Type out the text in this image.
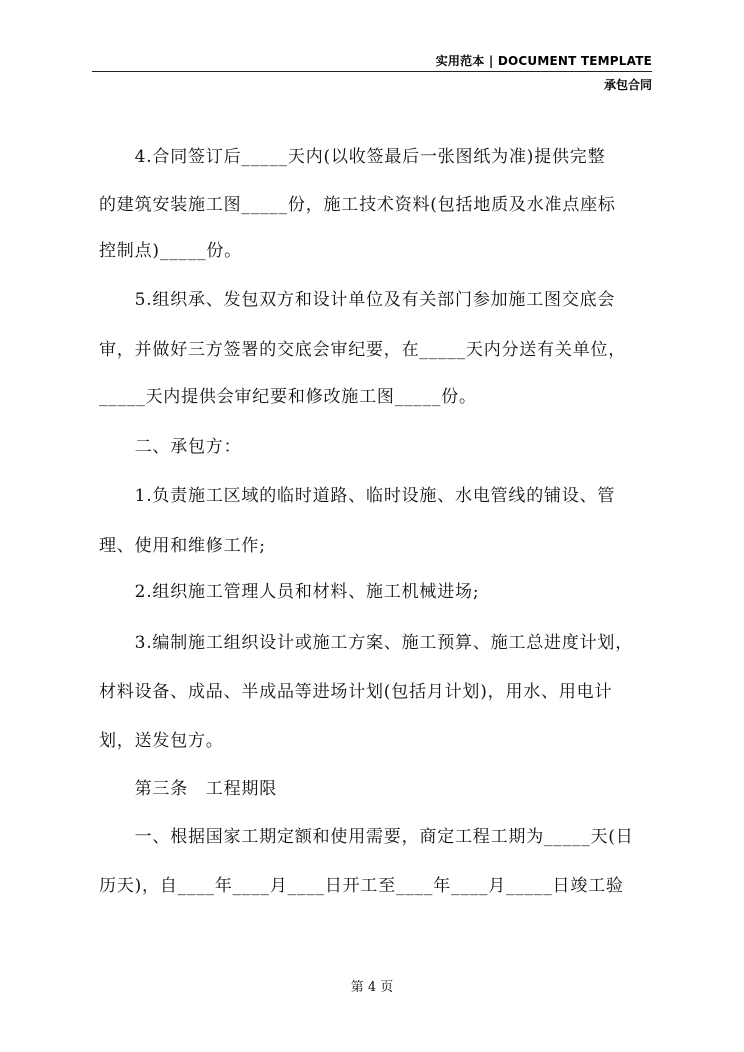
实用范本 | DOCUMENT TEMPLATE
承包合同
　　4.合同签订后_____天内(以收签最后一张图纸为准)提供完整
的建筑安装施工图_____份，施工技术资料(包括地质及水准点座标
控制点)_____份。
　　5.组织承、发包双方和设计单位及有关部门参加施工图交底会
审，并做好三方签署的交底会审纪要，在_____天内分送有关单位，
_____天内提供会审纪要和修改施工图_____份。
　　二、承包方：
　　1.负责施工区域的临时道路、临时设施、水电管线的铺设、管
理、使用和维修工作;
　　2.组织施工管理人员和材料、施工机械进场;
　　3.编制施工组织设计或施工方案、施工预算、施工总进度计划，
材料设备、成品、半成品等进场计划(包括月计划)，用水、用电计
划，送发包方。
　　第三条　工程期限
　　一、根据国家工期定额和使用需要，商定工程工期为_____天(日
历天)，自____年____月____日开工至____年____月_____日竣工验
第 4 页
